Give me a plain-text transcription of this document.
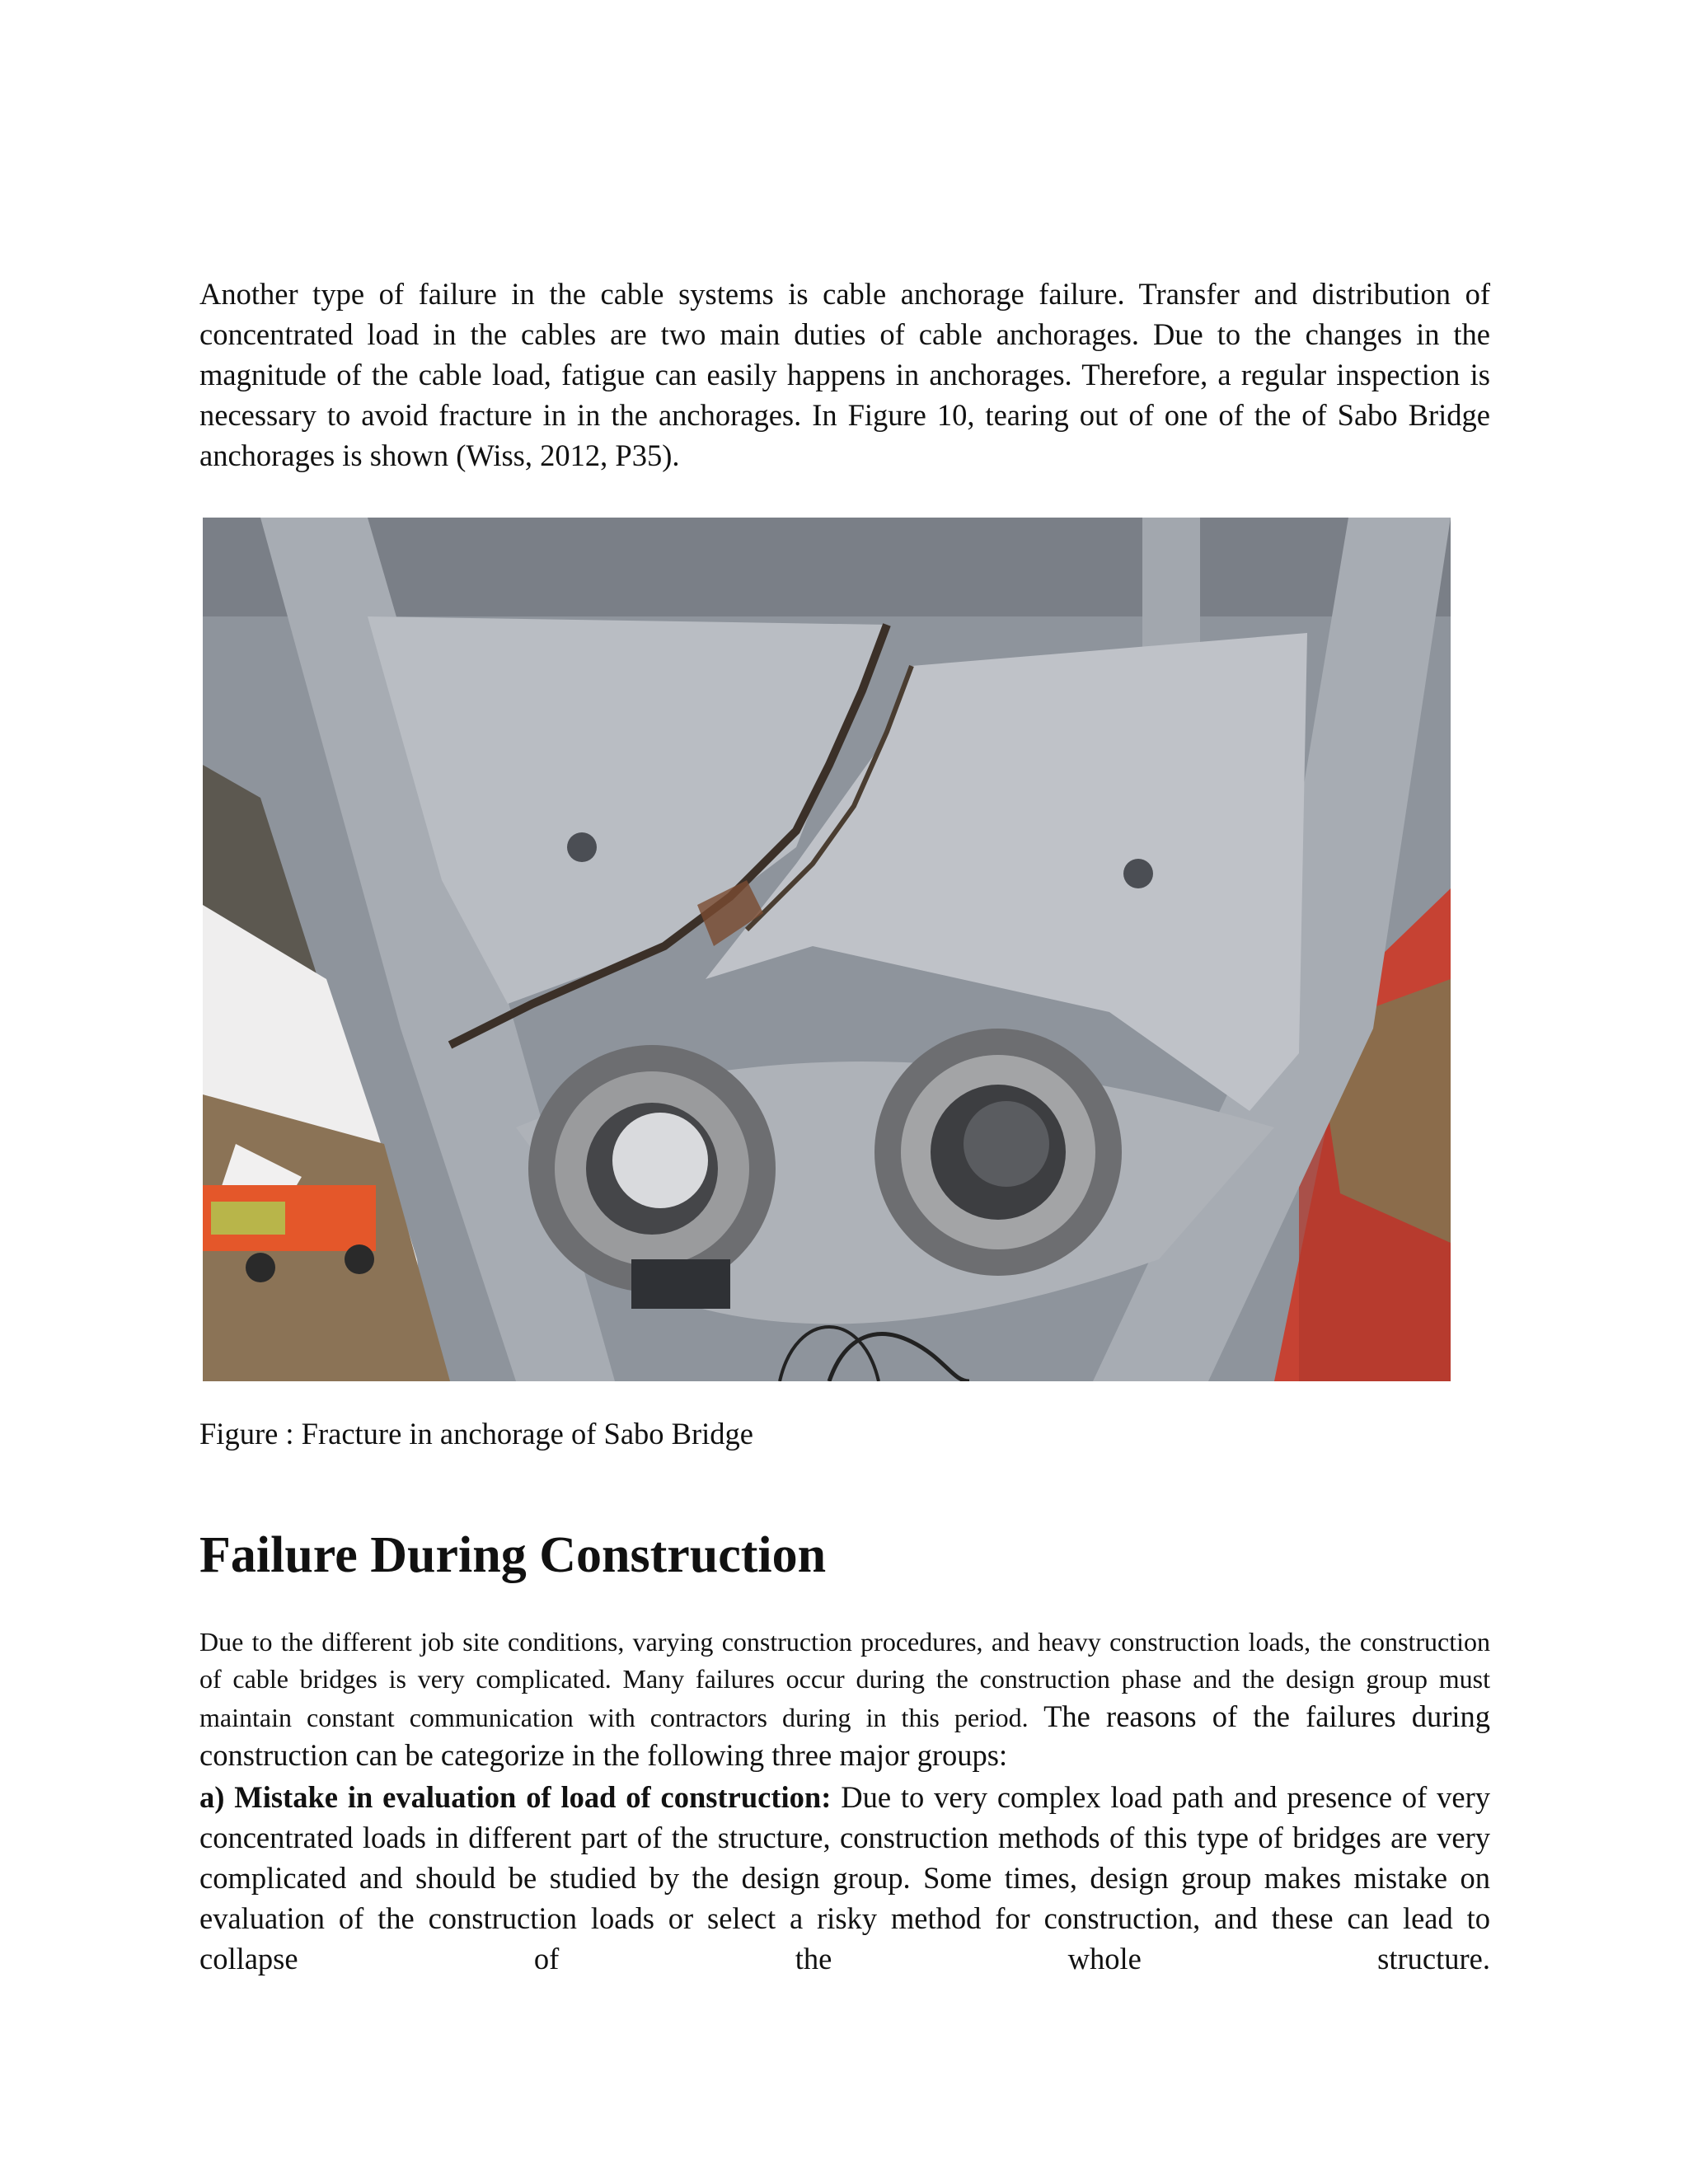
Another type of failure in the cable systems is cable anchorage failure. Transfer and distribution of concentrated load in the cables are two main duties of cable anchorages. Due to the changes in the magnitude of the cable load, fatigue can easily happens in anchorages. Therefore, a regular inspection is necessary to avoid fracture in in the anchorages. In Figure 10, tearing out of one of the of Sabo Bridge anchorages is shown (Wiss, 2012, P35).

Figure : Fracture in anchorage of Sabo Bridge

Failure During Construction

Due to the different job site conditions, varying construction procedures, and heavy construction loads, the construction of cable bridges is very complicated. Many failures occur during the construction phase and the design group must maintain constant communication with contractors during in this period. The reasons of the failures during construction can be categorize in the following three major groups:

a) Mistake in evaluation of load of construction: Due to very complex load path and presence of very concentrated loads in different part of the structure, construction methods of this type of bridges are very complicated and should be studied by the design group. Some times, design group makes mistake on evaluation of the construction loads or select a risky method for construction, and these can lead to collapse of the whole structure.
